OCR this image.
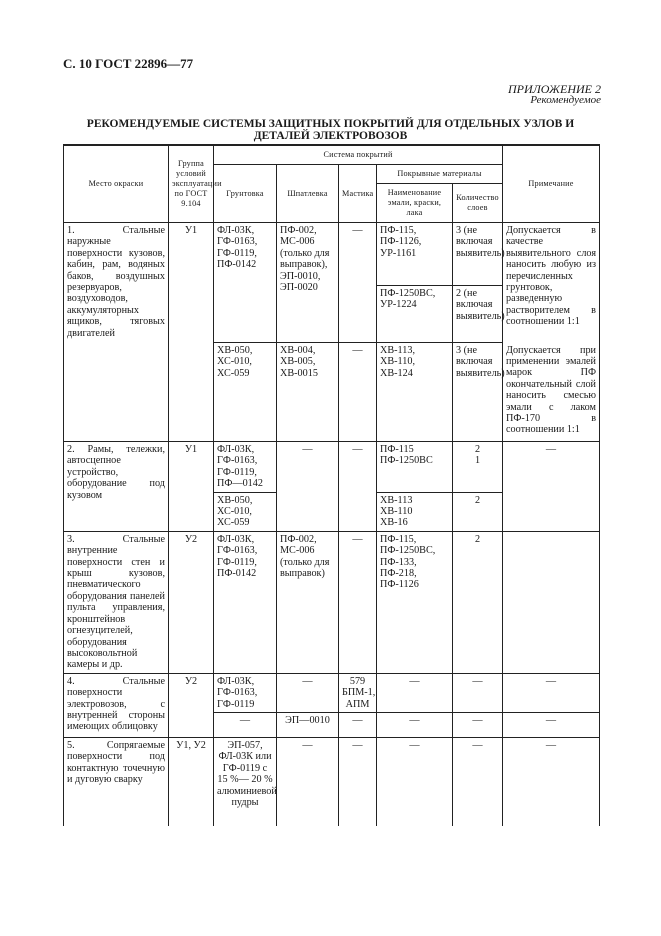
С. 10 ГОСТ 22896—77
ПРИЛОЖЕНИЕ 2
Рекомендуемое
РЕКОМЕНДУЕМЫЕ СИСТЕМЫ ЗАЩИТНЫХ ПОКРЫТИЙ ДЛЯ ОТДЕЛЬНЫХ УЗЛОВ И ДЕТАЛЕЙ ЭЛЕКТРОВОЗОВ
Место окраски	Группа условий эксплуатации по ГОСТ 9.104	Система покрытий					Примечание
		Грунтовка	Шпатлевка	Мастика	Покрывные материалы		
					Наименование эмали, краски, лака	Количество слоев	
1. Стальные наружные поверхности кузовов, кабин, рам, водяных баков, воздушных резервуаров, воздуховодов, аккумуляторных ящиков, тяговых двигателей	У1	ФЛ-03К, ГФ-0163, ГФ-0119, ПФ-0142	ПФ-002, МС-006 (только для выправок), ЭП-0010, ЭП-0020	—	ПФ-115, ПФ-1126, УР-1161	3 (не включая выявитель)	Допускается в качестве выявительного слоя наносить любую из перечисленных грунтовок, разведенную растворителем в соотношении 1:1
					ПФ-1250ВС, УР-1224	2 (не включая выявитель)	
		ХВ-050, ХС-010, ХС-059	ХВ-004, ХВ-005, ХВ-0015	—	ХВ-113, ХВ-110, ХВ-124	3 (не включая выявитель)	Допускается при применении эмалей марок ПФ окончательный слой наносить смесью эмали с лаком ПФ-170 в соотношении 1:1
2. Рамы, тележки, автосцепное устройство, оборудование под кузовом	У1	ФЛ-03К, ГФ-0163, ГФ-0119, ПФ—0142	—	—	ПФ-115 ПФ-1250ВС	2 1	—
		ХВ-050, ХС-010, ХС-059			ХВ-113 ХВ-110 ХВ-16	2	
3. Стальные внутренние поверхности стен и крыш кузовов, пневматического оборудования панелей пульта управления, кронштейнов огнезуцителей, оборудования высоковольтной камеры и др.	У2	ФЛ-03К, ГФ-0163, ГФ-0119, ПФ-0142	ПФ-002, МС-006 (только для выправок)	—	ПФ-115, ПФ-1250ВС, ПФ-133, ПФ-218, ПФ-1126	2	
4. Стальные поверхности электровозов, с внутренней стороны имеющих облицовку	У2	ФЛ-03К, ГФ-0163, ГФ-0119	—	579 БПМ-1, АПМ	—	—	—
		—	ЭП—0010	—	—	—	—
5. Сопрягаемые поверхности под контактную точечную и дуговую сварку	У1, У2	ЭП-057, ФЛ-03К или ГФ-0119 с 15 %— 20 % алюминиевой пудры	—	—	—	—	—
